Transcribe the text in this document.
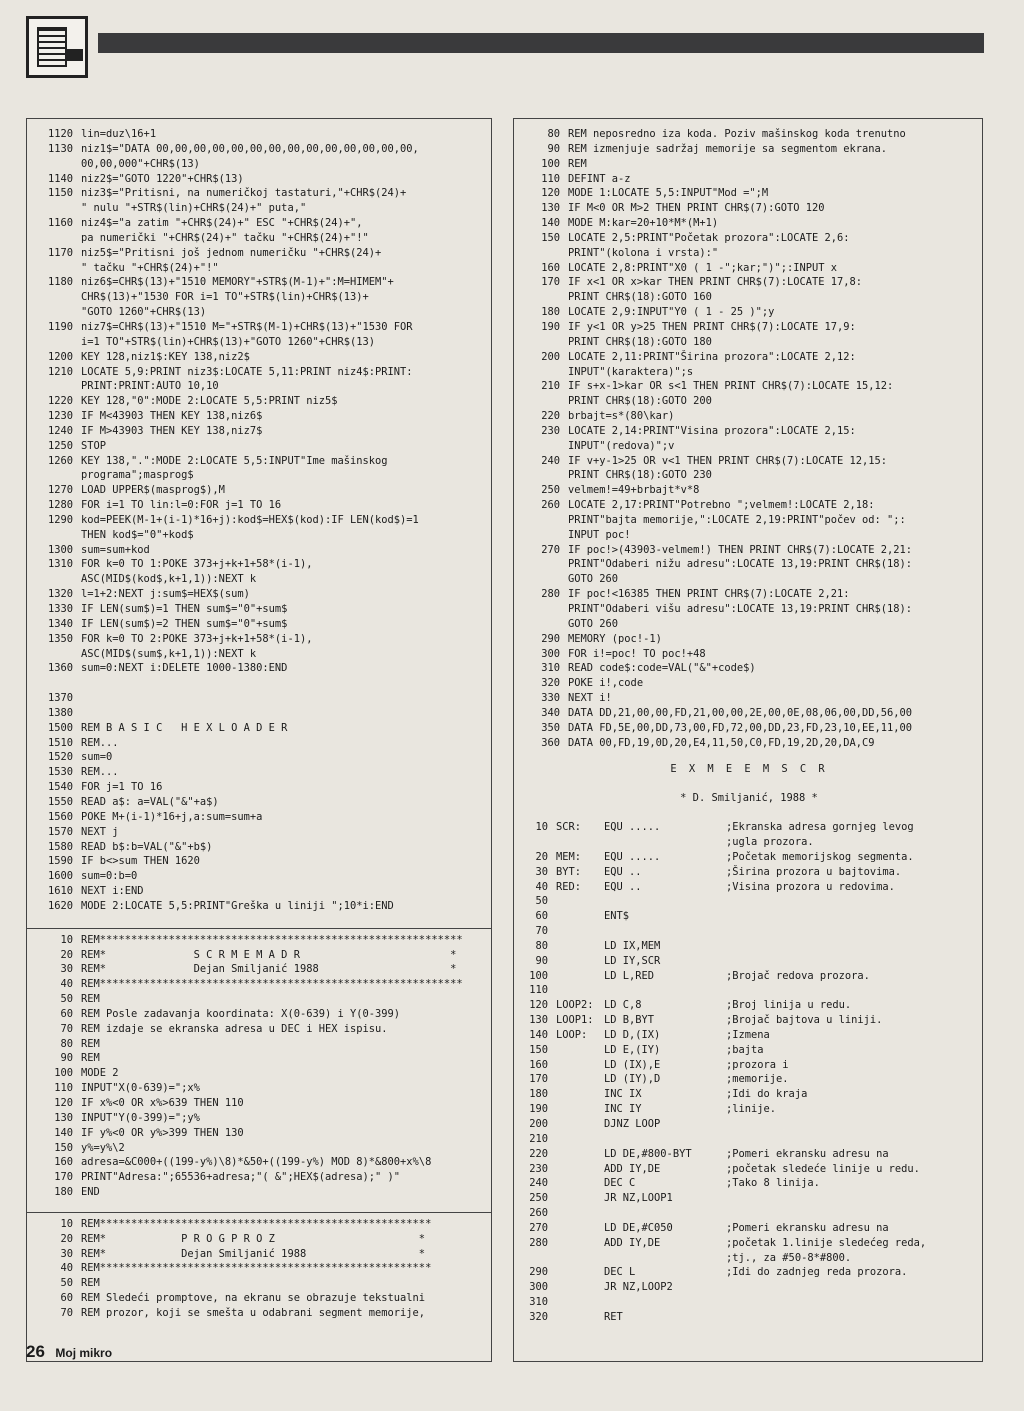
1120 lin=duz\16+1
1130 niz1$="DATA 00,00,00,00,00,00,00,00,00,00,00,00,00,00,
00,00,000"+CHR$(13)
1140 niz2$="GOTO 1220"+CHR$(13)
1150 niz3$="Pritisni, na numeričkoj tastaturi,"+CHR$(24)+
" nulu "+STR$(lin)+CHR$(24)+" puta,"
1160 niz4$="a zatim "+CHR$(24)+" ESC "+CHR$(24)+",
pa numerički "+CHR$(24)+" tačku "+CHR$(24)+"!"
1170 niz5$="Pritisni još jednom numeričku "+CHR$(24)+
" tačku "+CHR$(24)+"!"
1180 niz6$=CHR$(13)+"1510 MEMORY"+STR$(M-1)+":M=HIMEM"+
CHR$(13)+"1530 FOR i=1 TO"+STR$(lin)+CHR$(13)+
"GOTO 1260"+CHR$(13)
1190 niz7$=CHR$(13)+"1510 M="+STR$(M-1)+CHR$(13)+"1530 FOR
i=1 TO"+STR$(lin)+CHR$(13)+"GOTO 1260"+CHR$(13)
1200 KEY 128,niz1$:KEY 138,niz2$
1210 LOCATE 5,9:PRINT niz3$:LOCATE 5,11:PRINT niz4$:PRINT:
PRINT:PRINT:AUTO 10,10
1220 KEY 128,"0":MODE 2:LOCATE 5,5:PRINT niz5$
1230 IF M<43903 THEN KEY 138,niz6$
1240 IF M>43903 THEN KEY 138,niz7$
1250 STOP
1260 KEY 138,".":MODE 2:LOCATE 5,5:INPUT"Ime mašinskog
programa";masprog$
1270 LOAD UPPER$(masprog$),M
1280 FOR i=1 TO lin:l=0:FOR j=1 TO 16
1290 kod=PEEK(M-1+(i-1)*16+j):kod$=HEX$(kod):IF LEN(kod$)=1
THEN kod$="0"+kod$
1300 sum=sum+kod
1310 FOR k=0 TO 1:POKE 373+j+k+1+58*(i-1),
ASC(MID$(kod$,k+1,1)):NEXT k
1320 l=1+2:NEXT j:sum$=HEX$(sum)
1330 IF LEN(sum$)=1 THEN sum$="0"+sum$
1340 IF LEN(sum$)=2 THEN sum$="0"+sum$
1350 FOR k=0 TO 2:POKE 373+j+k+1+58*(i-1),
ASC(MID$(sum$,k+1,1)):NEXT k
1360 sum=0:NEXT i:DELETE 1000-1380:END
1370
1380
1500 REM B A S I C   H E X L O A D E R
1510 REM...
1520 sum=0
1530 REM...
1540 FOR j=1 TO 16
1550 READ a$: a=VAL("&"+a$)
1560 POKE M+(i-1)*16+j,a:sum=sum+a
1570 NEXT j
1580 READ b$:b=VAL("&"+b$)
1590 IF b<>sum THEN 1620
1600 sum=0:b=0
1610 NEXT i:END
1620 MODE 2:LOCATE 5,5:PRINT"Greška u liniji ";10*i:END
10 REM**********************************************************
20 REM*              S C R M E M A D R                        *
30 REM*              Dejan Smiljanić 1988                     *
40 REM**********************************************************
50 REM
60 REM Posle zadavanja koordinata: X(0-639) i Y(0-399)
70 REM izdaje se ekranska adresa u DEC i HEX ispisu.
80 REM
90 REM
100 MODE 2
110 INPUT"X(0-639)=";x%
120 IF x%<0 OR x%>639 THEN 110
130 INPUT"Y(0-399)=";y%
140 IF y%<0 OR y%>399 THEN 130
150 y%=y%\2
160 adresa=&C000+((199-y%)\8)*&50+((199-y%) MOD 8)*&800+x%\8
170 PRINT"Adresa:";65536+adresa;"( &";HEX$(adresa);" )"
180 END
10 REM*****************************************************
20 REM*            P R O G P R O Z                       *
30 REM*            Dejan Smiljanić 1988                  *
40 REM*****************************************************
50 REM
60 REM Sledeći promptove, na ekranu se obrazuje tekstualni
70 REM prozor, koji se smešta u odabrani segment memorije,
80 REM neposredno iza koda. Poziv mašinskog koda trenutno
90 REM izmenjuje sadržaj memorije sa segmentom ekrana.
100 REM
110 DEFINT a-z
120 MODE 1:LOCATE 5,5:INPUT"Mod =";M
130 IF M<0 OR M>2 THEN PRINT CHR$(7):GOTO 120
140 MODE M:kar=20+10*M*(M+1)
150 LOCATE 2,5:PRINT"Početak prozora":LOCATE 2,6:
PRINT"(kolona i vrsta):"
160 LOCATE 2,8:PRINT"X0 ( 1 -";kar;")";:INPUT x
170 IF x<1 OR x>kar THEN PRINT CHR$(7):LOCATE 17,8:
PRINT CHR$(18):GOTO 160
180 LOCATE 2,9:INPUT"Y0 ( 1 - 25 )";y
190 IF y<1 OR y>25 THEN PRINT CHR$(7):LOCATE 17,9:
PRINT CHR$(18):GOTO 180
200 LOCATE 2,11:PRINT"Širina prozora":LOCATE 2,12:
INPUT"(karaktera)";s
210 IF s+x-1>kar OR s<1 THEN PRINT CHR$(7):LOCATE 15,12:
PRINT CHR$(18):GOTO 200
220 brbajt=s*(80\kar)
230 LOCATE 2,14:PRINT"Visina prozora":LOCATE 2,15:
INPUT"(redova)";v
240 IF v+y-1>25 OR v<1 THEN PRINT CHR$(7):LOCATE 12,15:
PRINT CHR$(18):GOTO 230
250 velmem!=49+brbajt*v*8
260 LOCATE 2,17:PRINT"Potrebno ";velmem!:LOCATE 2,18:
PRINT"bajta memorije,":LOCATE 2,19:PRINT"počev od: ";:
INPUT poc!
270 IF poc!>(43903-velmem!) THEN PRINT CHR$(7):LOCATE 2,21:
PRINT"Odaberi nižu adresu":LOCATE 13,19:PRINT CHR$(18):
GOTO 260
280 IF poc!<16385 THEN PRINT CHR$(7):LOCATE 2,21:
PRINT"Odaberi višu adresu":LOCATE 13,19:PRINT CHR$(18):
GOTO 260
290 MEMORY (poc!-1)
300 FOR i!=poc! TO poc!+48
310 READ code$:code=VAL("&"+code$)
320 POKE i!,code
330 NEXT i!
340 DATA DD,21,00,00,FD,21,00,00,2E,00,0E,08,06,00,DD,56,00
350 DATA FD,5E,00,DD,73,00,FD,72,00,DD,23,FD,23,10,EE,11,00
360 DATA 00,FD,19,0D,20,E4,11,50,C0,FD,19,2D,20,DA,C9
E X M E E M S C R
* D. Smiljanić, 1988 *
10 SCR:	EQU .....	;Ekranska adresa gornjeg levog
;ugla prozora.
20 MEM:	EQU .....	;Početak memorijskog segmenta.
30 BYT:	EQU ..	;Širina prozora u bajtovima.
40 RED:	EQU ..	;Visina prozora u redovima.
50
60	ENT$
70
80	LD IX,MEM
90	LD IY,SCR
100	LD L,RED	;Brojač redova prozora.
110
120 LOOP2:	LD C,8	;Broj linija u redu.
130 LOOP1:	LD B,BYT	;Brojač bajtova u liniji.
140 LOOP:	LD D,(IX)	;Izmena
150	LD E,(IY)	;bajta
160	LD (IX),E	;prozora i
170	LD (IY),D	;memorije.
180	INC IX	;Idi do kraja
190	INC IY	;linije.
200	DJNZ LOOP
210
220	LD DE,#800-BYT	;Pomeri ekransku adresu na
230	ADD IY,DE	;početak sledeće linije u redu.
240	DEC C	;Tako 8 linija.
250	JR NZ,LOOP1
260
270	LD DE,#C050	;Pomeri ekransku adresu na
280	ADD IY,DE	;početak 1.linije sledećeg reda,
;tj., za #50-8*#800.
290	DEC L	;Idi do zadnjeg reda prozora.
300	JR NZ,LOOP2
310
320	RET
26 Moj mikro
